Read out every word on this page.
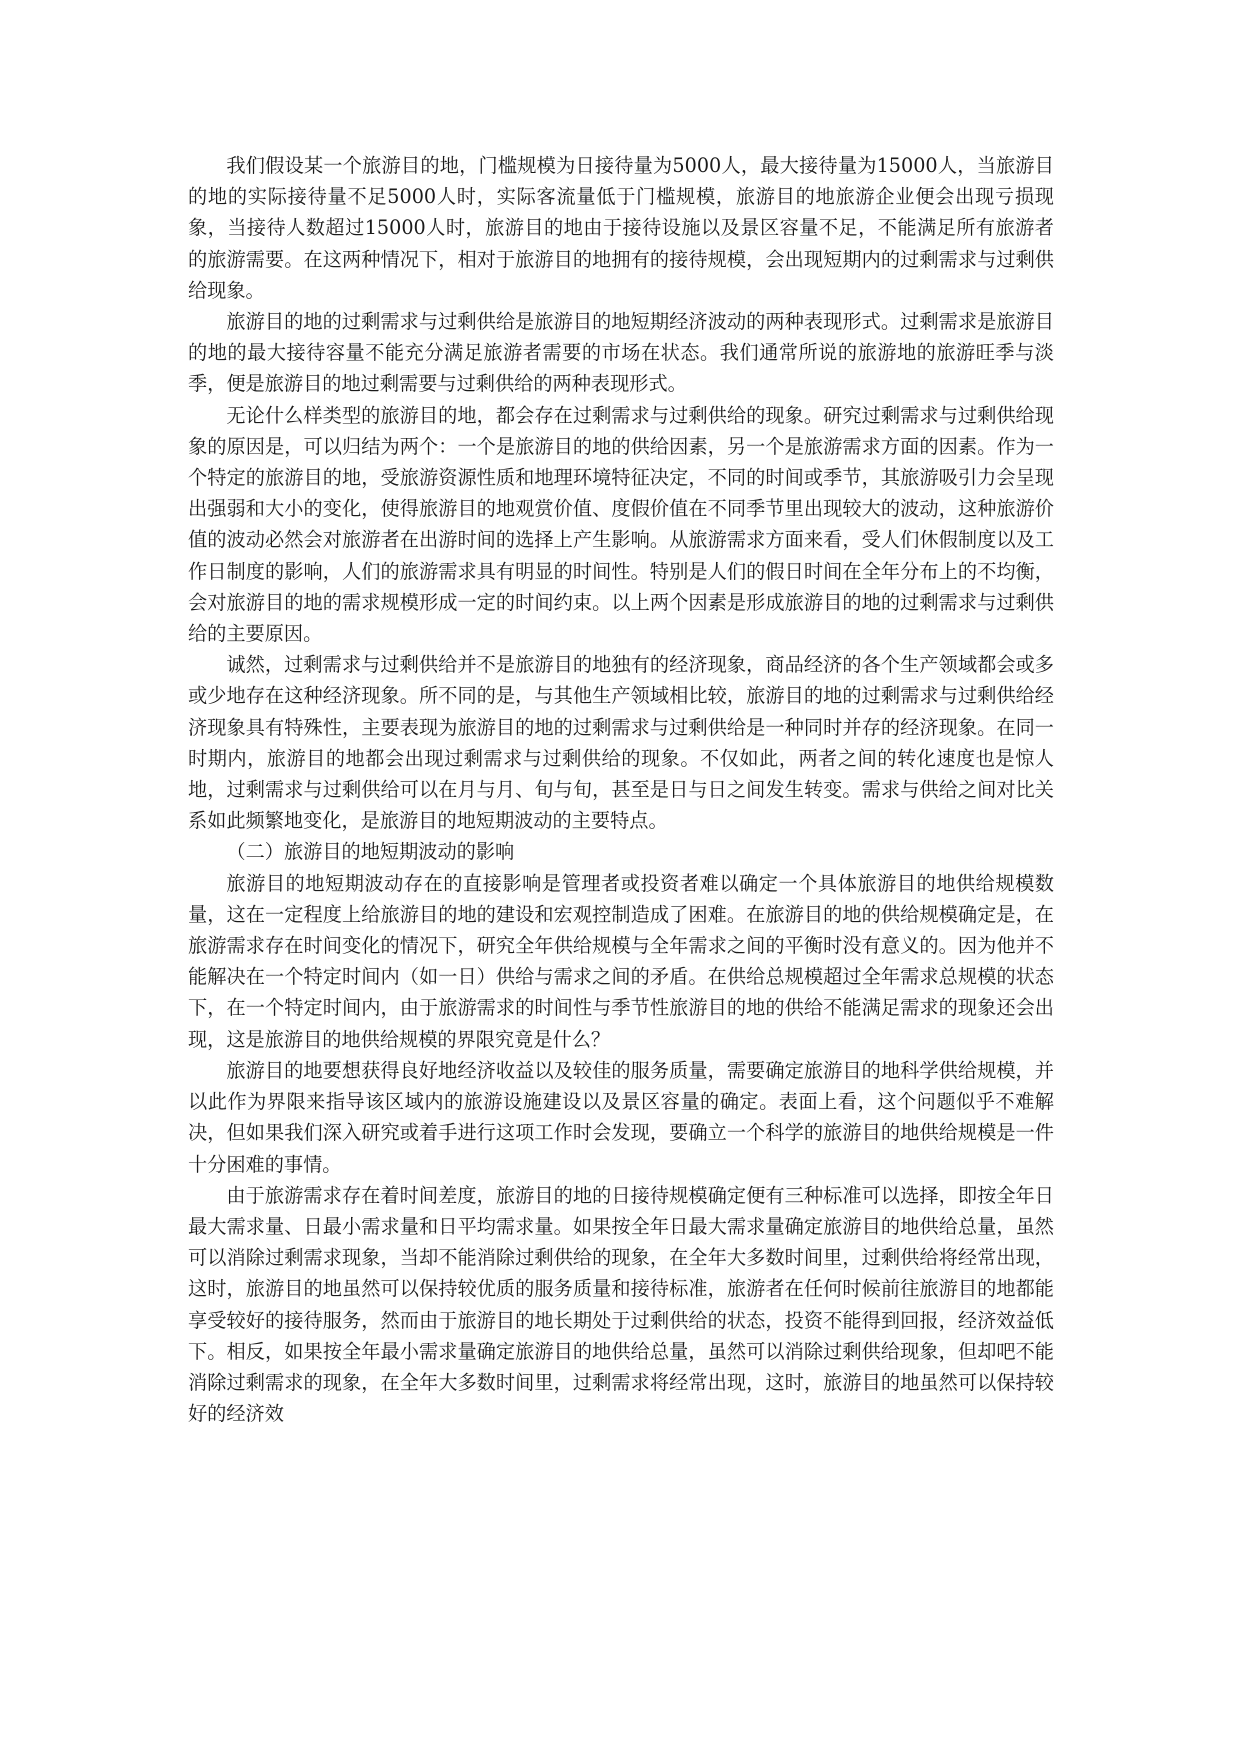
我们假设某一个旅游目的地，门槛规模为日接待量为5000人，最大接待量为15000人，当旅游目的地的实际接待量不足5000人时，实际客流量低于门槛规模，旅游目的地旅游企业便会出现亏损现象，当接待人数超过15000人时，旅游目的地由于接待设施以及景区容量不足，不能满足所有旅游者的旅游需要。在这两种情况下，相对于旅游目的地拥有的接待规模，会出现短期内的过剩需求与过剩供给现象。

旅游目的地的过剩需求与过剩供给是旅游目的地短期经济波动的两种表现形式。过剩需求是旅游目的地的最大接待容量不能充分满足旅游者需要的市场在状态。我们通常所说的旅游地的旅游旺季与淡季，便是旅游目的地过剩需要与过剩供给的两种表现形式。

无论什么样类型的旅游目的地，都会存在过剩需求与过剩供给的现象。研究过剩需求与过剩供给现象的原因是，可以归结为两个：一个是旅游目的地的供给因素，另一个是旅游需求方面的因素。作为一个特定的旅游目的地，受旅游资源性质和地理环境特征决定，不同的时间或季节，其旅游吸引力会呈现出强弱和大小的变化，使得旅游目的地观赏价值、度假价值在不同季节里出现较大的波动，这种旅游价值的波动必然会对旅游者在出游时间的选择上产生影响。从旅游需求方面来看，受人们休假制度以及工作日制度的影响，人们的旅游需求具有明显的时间性。特别是人们的假日时间在全年分布上的不均衡，会对旅游目的地的需求规模形成一定的时间约束。以上两个因素是形成旅游目的地的过剩需求与过剩供给的主要原因。

诚然，过剩需求与过剩供给并不是旅游目的地独有的经济现象，商品经济的各个生产领域都会或多或少地存在这种经济现象。所不同的是，与其他生产领域相比较，旅游目的地的过剩需求与过剩供给经济现象具有特殊性，主要表现为旅游目的地的过剩需求与过剩供给是一种同时并存的经济现象。在同一时期内，旅游目的地都会出现过剩需求与过剩供给的现象。不仅如此，两者之间的转化速度也是惊人地，过剩需求与过剩供给可以在月与月、旬与旬，甚至是日与日之间发生转变。需求与供给之间对比关系如此频繁地变化，是旅游目的地短期波动的主要特点。

（二）旅游目的地短期波动的影响

旅游目的地短期波动存在的直接影响是管理者或投资者难以确定一个具体旅游目的地供给规模数量，这在一定程度上给旅游目的地的建设和宏观控制造成了困难。在旅游目的地的供给规模确定是，在旅游需求存在时间变化的情况下，研究全年供给规模与全年需求之间的平衡时没有意义的。因为他并不能解决在一个特定时间内（如一日）供给与需求之间的矛盾。在供给总规模超过全年需求总规模的状态下，在一个特定时间内，由于旅游需求的时间性与季节性旅游目的地的供给不能满足需求的现象还会出现，这是旅游目的地供给规模的界限究竟是什么？

旅游目的地要想获得良好地经济收益以及较佳的服务质量，需要确定旅游目的地科学供给规模，并以此作为界限来指导该区域内的旅游设施建设以及景区容量的确定。表面上看，这个问题似乎不难解决，但如果我们深入研究或着手进行这项工作时会发现，要确立一个科学的旅游目的地供给规模是一件十分困难的事情。

由于旅游需求存在着时间差度，旅游目的地的日接待规模确定便有三种标准可以选择，即按全年日最大需求量、日最小需求量和日平均需求量。如果按全年日最大需求量确定旅游目的地供给总量，虽然可以消除过剩需求现象，当却不能消除过剩供给的现象，在全年大多数时间里，过剩供给将经常出现，这时，旅游目的地虽然可以保持较优质的服务质量和接待标准，旅游者在任何时候前往旅游目的地都能享受较好的接待服务，然而由于旅游目的地长期处于过剩供给的状态，投资不能得到回报，经济效益低下。相反，如果按全年最小需求量确定旅游目的地供给总量，虽然可以消除过剩供给现象，但却吧不能消除过剩需求的现象，在全年大多数时间里，过剩需求将经常出现，这时，旅游目的地虽然可以保持较好的经济效
